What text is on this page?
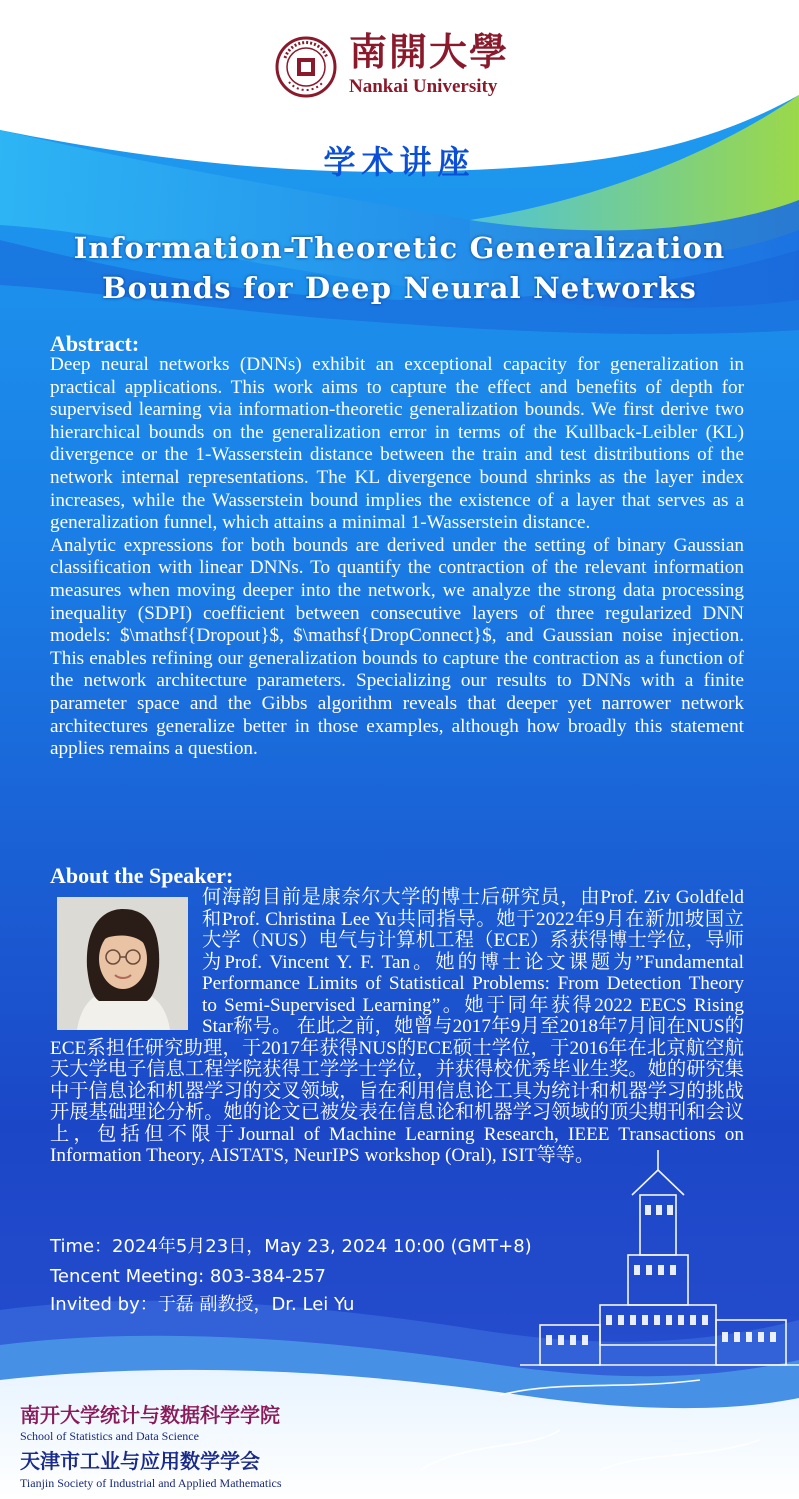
南開大學
Nankai University
学术讲座
Information-Theoretic Generalization
Bounds for Deep Neural Networks
Abstract:

Deep neural networks (DNNs) exhibit an exceptional capacity for generalization in practical applications. This work aims to capture the effect and benefits of depth for supervised learning via information-theoretic generalization bounds. We first derive two hierarchical bounds on the generalization error in terms of the Kullback-Leibler (KL) divergence or the 1-Wasserstein distance between the train and test distributions of the network internal representations. The KL divergence bound shrinks as the layer index increases, while the Wasserstein bound implies the existence of a layer that serves as a generalization funnel, which attains a minimal 1-Wasserstein distance.

Analytic expressions for both bounds are derived under the setting of binary Gaussian classification with linear DNNs. To quantify the contraction of the relevant information measures when moving deeper into the network, we analyze the strong data processing inequality (SDPI) coefficient between consecutive layers of three regularized DNN models: $\mathsf{Dropout}$, $\mathsf{DropConnect}$, and Gaussian noise injection. This enables refining our generalization bounds to capture the contraction as a function of the network architecture parameters. Specializing our results to DNNs with a finite parameter space and the Gibbs algorithm reveals that deeper yet narrower network architectures generalize better in those examples, although how broadly this statement applies remains a question.

About the Speaker:
何海韵目前是康奈尔大学的博士后研究员，由Prof. Ziv Goldfeld和Prof. Christina Lee Yu共同指导。她于2022年9月在新加坡国立大学（NUS）电气与计算机工程（ECE）系获得博士学位，导师为Prof. Vincent Y. F. Tan。她的博士论文课题为”Fundamental Performance Limits of Statistical Problems: From Detection Theory to Semi-Supervised Learning”。她于同年获得2022 EECS Rising Star称号。 在此之前，她曾与2017年9月至2018年7月间在NUS的ECE系担任研究助理，于2017年获得NUS的ECE硕士学位，于2016年在北京航空航天大学电子信息工程学院获得工学学士学位，并获得校优秀毕业生奖。她的研究集中于信息论和机器学习的交叉领域，旨在利用信息论工具为统计和机器学习的挑战开展基础理论分析。她的论文已被发表在信息论和机器学习领域的顶尖期刊和会议上，包括但不限于Journal of Machine Learning Research, IEEE Transactions on Information Theory, AISTATS, NeurIPS workshop (Oral), ISIT等等。
Time：2024年5月23日，May 23, 2024 10:00 (GMT+8)
Tencent Meeting: 803-384-257
Invited by：于磊 副教授，Dr. Lei Yu
南开大学统计与数据科学学院
School of Statistics and Data Science
天津市工业与应用数学学会
Tianjin Society of Industrial and Applied Mathematics
